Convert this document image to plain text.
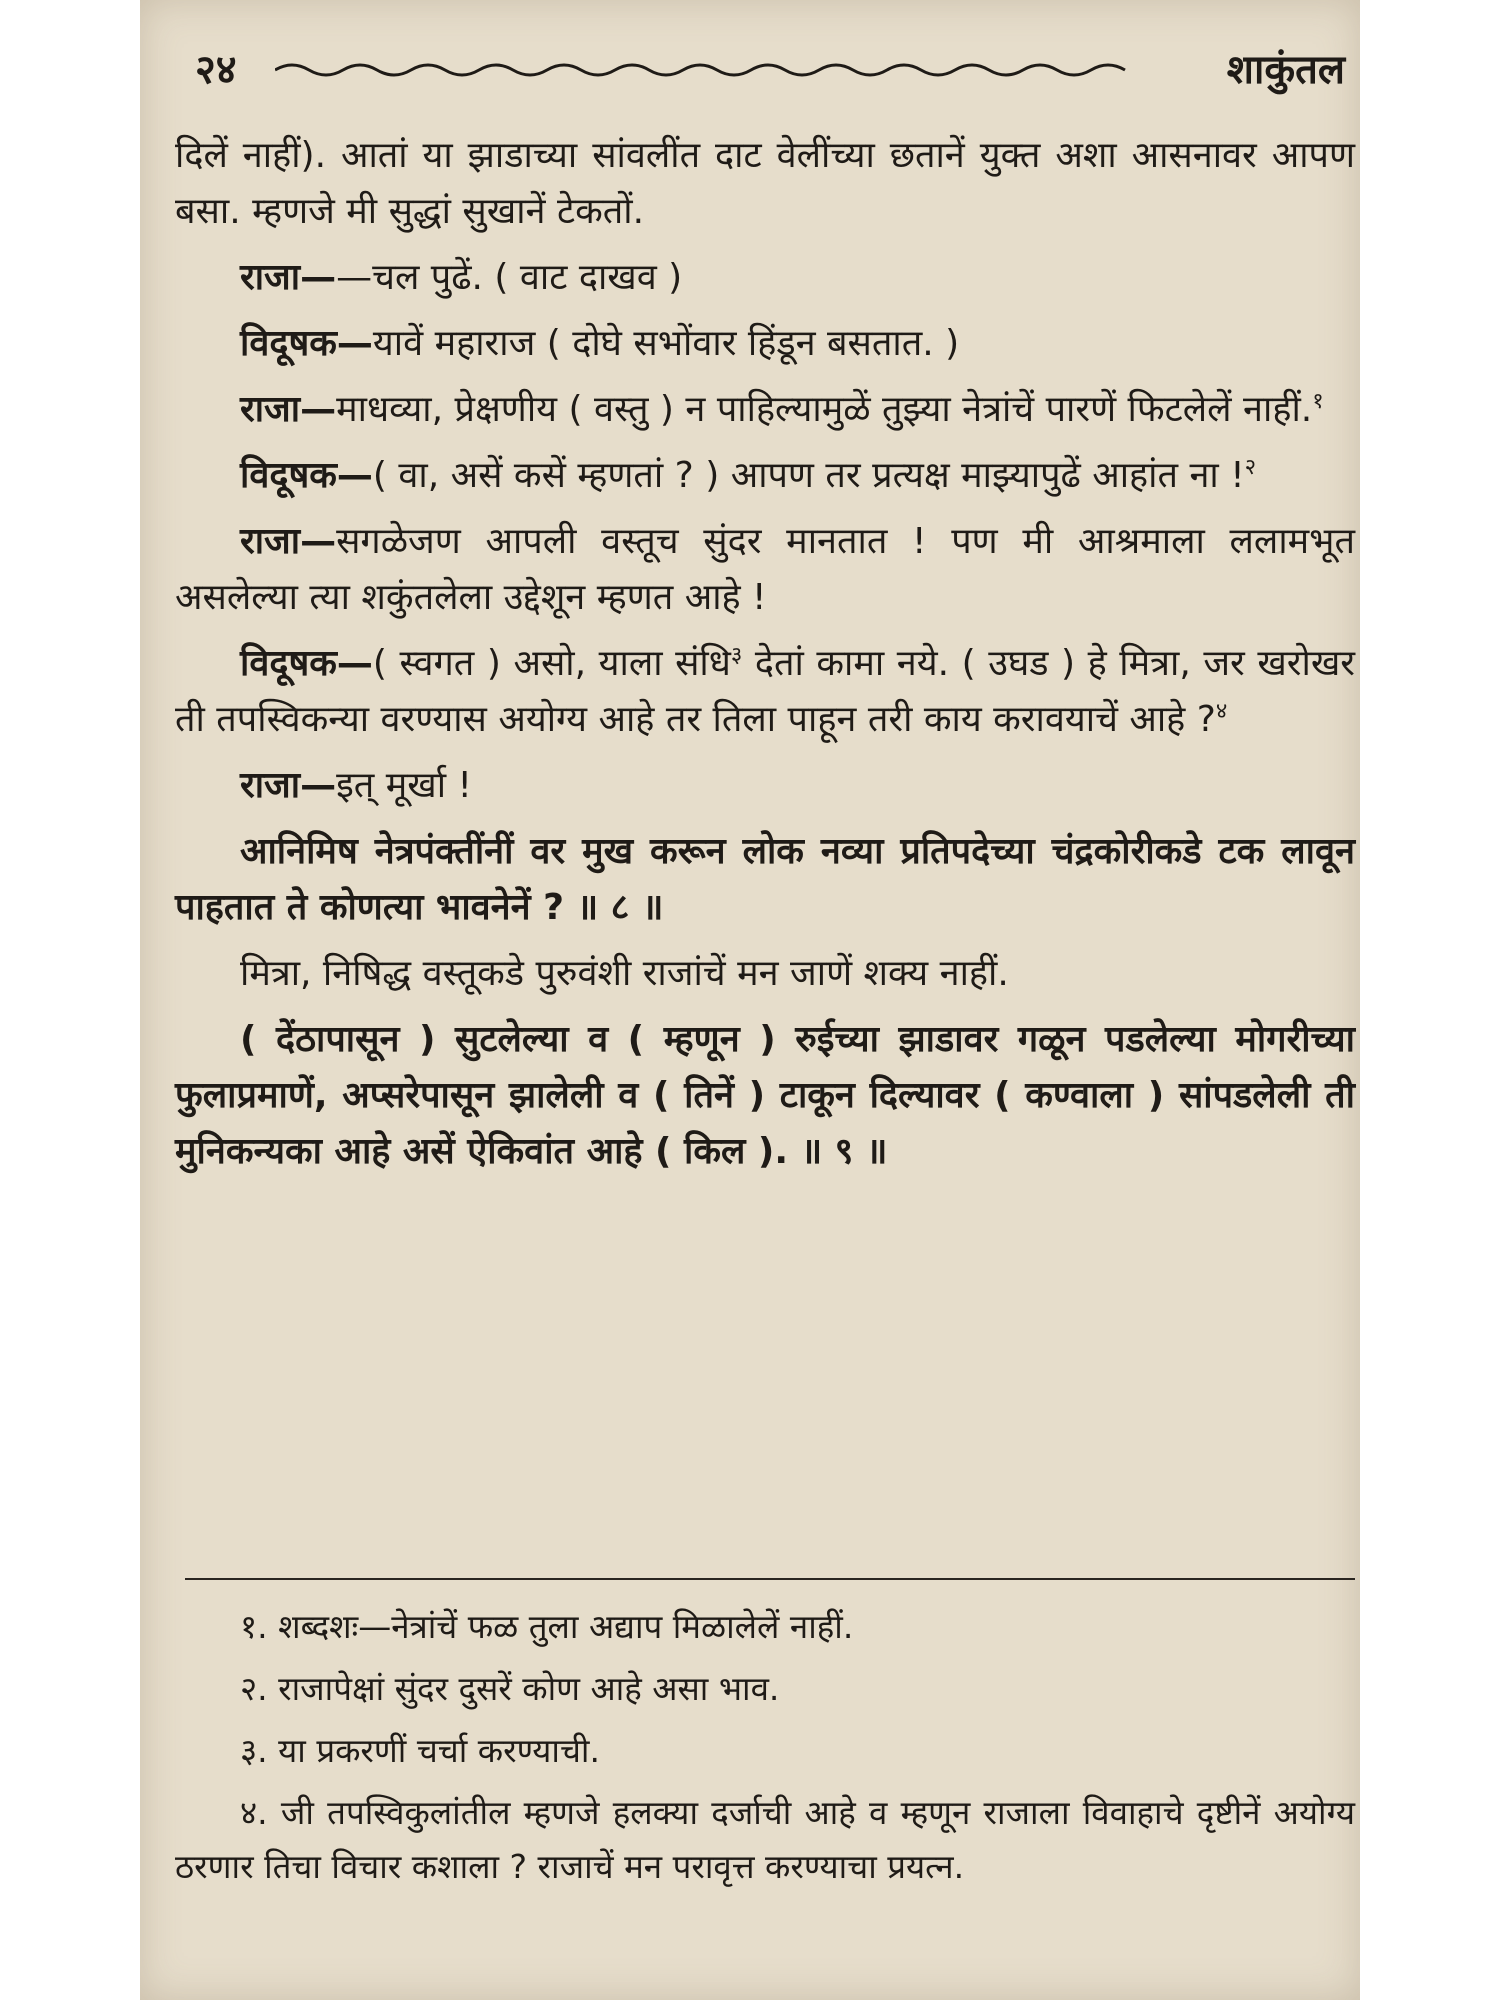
२४	शाकुंतल

दिलें नाहीं). आतां या झाडाच्या सांवलींत दाट वेलींच्या छतानें युक्त अशा आसनावर आपण बसा. म्हणजे मी सुद्धां सुखानें टेकतों.

राजा——चल पुढें. ( वाट दाखव )

विदूषक—यावें महाराज ( दोघे सभोंवार हिंडून बसतात. )

राजा—माधव्या, प्रेक्षणीय ( वस्तु ) न पाहिल्यामुळें तुझ्या नेत्रांचें पारणें फिटलेलें नाहीं.$^१$

विदूषक—( वा, असें कसें म्हणतां ? ) आपण तर प्रत्यक्ष माझ्यापुढें आहांत ना !$^२$

राजा—सगळेजण आपली वस्तूच सुंदर मानतात ! पण मी आश्रमाला ललामभूत असलेल्या त्या शकुंतलेला उद्देशून म्हणत आहे !

विदूषक—( स्वगत ) असो, याला संधि$^३$ देतां कामा नये. ( उघड ) हे मित्रा, जर खरोखर ती तपस्विकन्या वरण्यास अयोग्य आहे तर तिला पाहून तरी काय करावयाचें आहे ?$^४$

राजा—इत् मूर्खा !

आनिमिष नेत्रपंक्तींनीं वर मुख करून लोक नव्या प्रतिपदेच्या चंद्रकोरीकडे टक लावून पाहतात ते कोणत्या भावनेनें ? ॥ ८ ॥

मित्रा, निषिद्ध वस्तूकडे पुरुवंशी राजांचें मन जाणें शक्य नाहीं.

( देंठापासून ) सुटलेल्या व ( म्हणून ) रुईच्या झाडावर गळून पडलेल्या मोगरीच्या फुलाप्रमाणें, अप्सरेपासून झालेली व ( तिनें ) टाकून दिल्यावर ( कण्वाला ) सांपडलेली ती मुनिकन्यका आहे असें ऐकिवांत आहे ( किल ). ॥ ९ ॥

१. शब्दशः—नेत्रांचें फळ तुला अद्याप मिळालेलें नाहीं.

२. राजापेक्षां सुंदर दुसरें कोण आहे असा भाव.

३. या प्रकरणीं चर्चा करण्याची.

४. जी तपस्विकुलांतील म्हणजे हलक्या दर्जाची आहे व म्हणून राजाला विवाहाचे दृष्टीनें अयोग्य ठरणार तिचा विचार कशाला ? राजाचें मन परावृत्त करण्याचा प्रयत्न.
